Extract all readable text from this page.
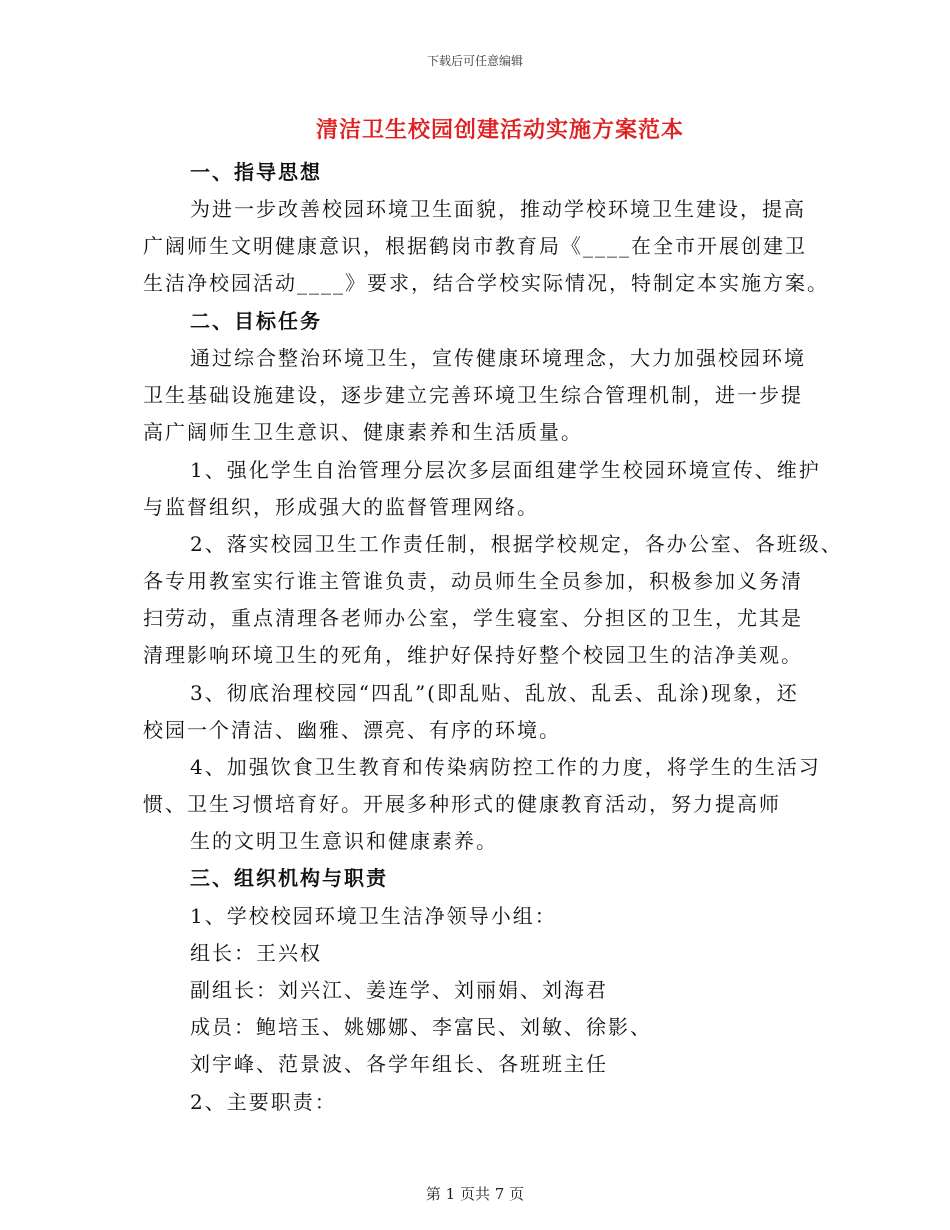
下载后可任意编辑
清洁卫生校园创建活动实施方案范本
一、指导思想
为进一步改善校园环境卫生面貌，推动学校环境卫生建设，提高
广阔师生文明健康意识，根据鹤岗市教育局《____在全市开展创建卫
生洁净校园活动____》要求，结合学校实际情况，特制定本实施方案。
二、目标任务
通过综合整治环境卫生，宣传健康环境理念，大力加强校园环境
卫生基础设施建设，逐步建立完善环境卫生综合管理机制，进一步提
高广阔师生卫生意识、健康素养和生活质量。
1、强化学生自治管理分层次多层面组建学生校园环境宣传、维护
与监督组织，形成强大的监督管理网络。
2、落实校园卫生工作责任制，根据学校规定，各办公室、各班级、
各专用教室实行谁主管谁负责，动员师生全员参加，积极参加义务清
扫劳动，重点清理各老师办公室，学生寝室、分担区的卫生，尤其是
清理影响环境卫生的死角，维护好保持好整个校园卫生的洁净美观。
3、彻底治理校园“四乱”(即乱贴、乱放、乱丢、乱涂)现象，还
校园一个清洁、幽雅、漂亮、有序的环境。
4、加强饮食卫生教育和传染病防控工作的力度，将学生的生活习
惯、卫生习惯培育好。开展多种形式的健康教育活动，努力提高师
生的文明卫生意识和健康素养。
三、组织机构与职责
1、学校校园环境卫生洁净领导小组：
组长：王兴权
副组长：刘兴江、姜连学、刘丽娟、刘海君
成员：鲍培玉、姚娜娜、李富民、刘敏、徐影、
刘宇峰、范景波、各学年组长、各班班主任
2、主要职责：
第 1 页共 7 页
